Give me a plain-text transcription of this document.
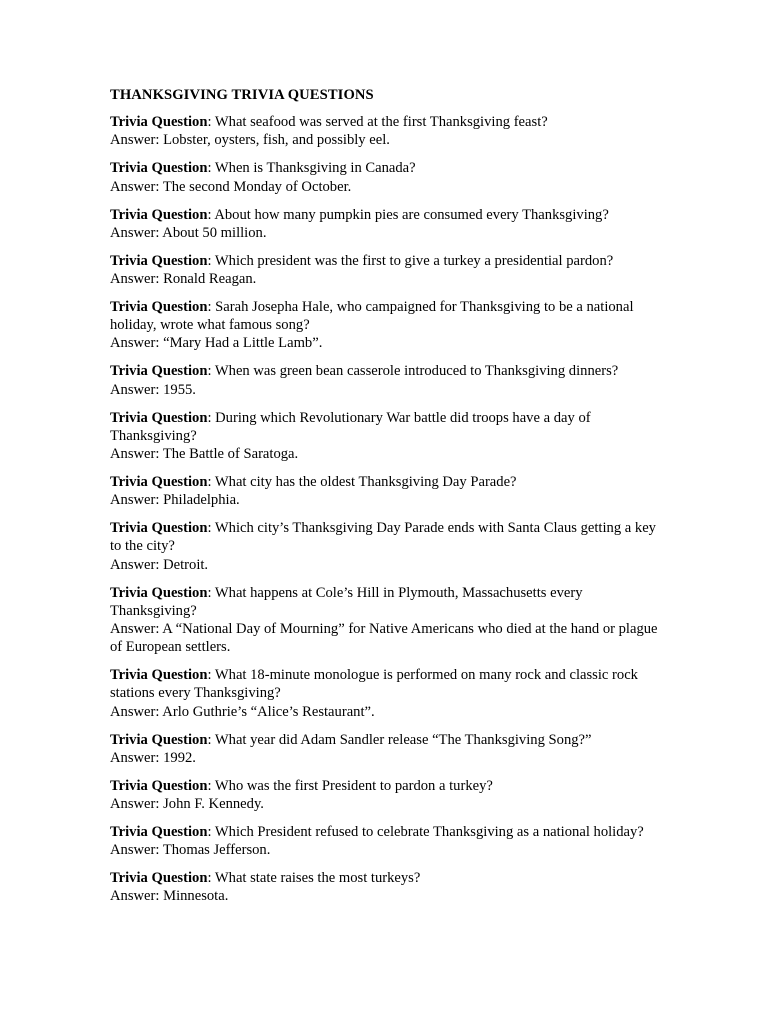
THANKSGIVING TRIVIA QUESTIONS
Trivia Question: What seafood was served at the first Thanksgiving feast?
Answer: Lobster, oysters, fish, and possibly eel.
Trivia Question: When is Thanksgiving in Canada?
Answer: The second Monday of October.
Trivia Question: About how many pumpkin pies are consumed every Thanksgiving?
Answer: About 50 million.
Trivia Question: Which president was the first to give a turkey a presidential pardon?
Answer: Ronald Reagan.
Trivia Question: Sarah Josepha Hale, who campaigned for Thanksgiving to be a national holiday, wrote what famous song?
Answer: “Mary Had a Little Lamb”.
Trivia Question: When was green bean casserole introduced to Thanksgiving dinners?
Answer: 1955.
Trivia Question: During which Revolutionary War battle did troops have a day of Thanksgiving?
Answer: The Battle of Saratoga.
Trivia Question: What city has the oldest Thanksgiving Day Parade?
Answer: Philadelphia.
Trivia Question: Which city’s Thanksgiving Day Parade ends with Santa Claus getting a key to the city?
Answer: Detroit.
Trivia Question: What happens at Cole’s Hill in Plymouth, Massachusetts every Thanksgiving?
Answer: A “National Day of Mourning” for Native Americans who died at the hand or plague of European settlers.
Trivia Question: What 18-minute monologue is performed on many rock and classic rock stations every Thanksgiving?
Answer: Arlo Guthrie’s “Alice’s Restaurant”.
Trivia Question: What year did Adam Sandler release “The Thanksgiving Song?”
Answer: 1992.
Trivia Question: Who was the first President to pardon a turkey?
Answer: John F. Kennedy.
Trivia Question: Which President refused to celebrate Thanksgiving as a national holiday?
Answer: Thomas Jefferson.
Trivia Question: What state raises the most turkeys?
Answer: Minnesota.
